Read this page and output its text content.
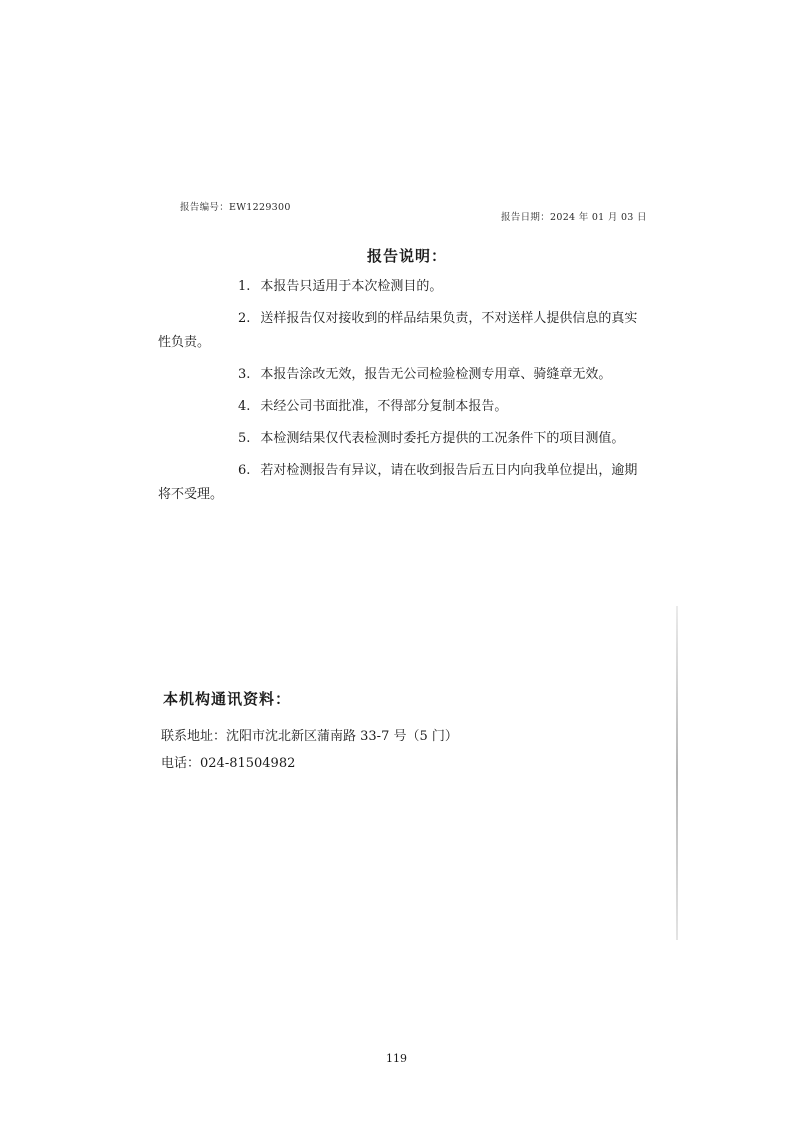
报告编号：EW1229300
报告日期：2024 年 01 月 03 日
报告说明：

1. 本报告只适用于本次检测目的。

2. 送样报告仅对接收到的样品结果负责，不对送样人提供信息的真实性负责。

3. 本报告涂改无效，报告无公司检验检测专用章、骑缝章无效。

4. 未经公司书面批准，不得部分复制本报告。

5. 本检测结果仅代表检测时委托方提供的工况条件下的项目测值。

6. 若对检测报告有异议，请在收到报告后五日内向我单位提出，逾期将不受理。

本机构通讯资料：
联系地址：沈阳市沈北新区蒲南路 33-7 号（5 门）
电话：024-81504982
119
